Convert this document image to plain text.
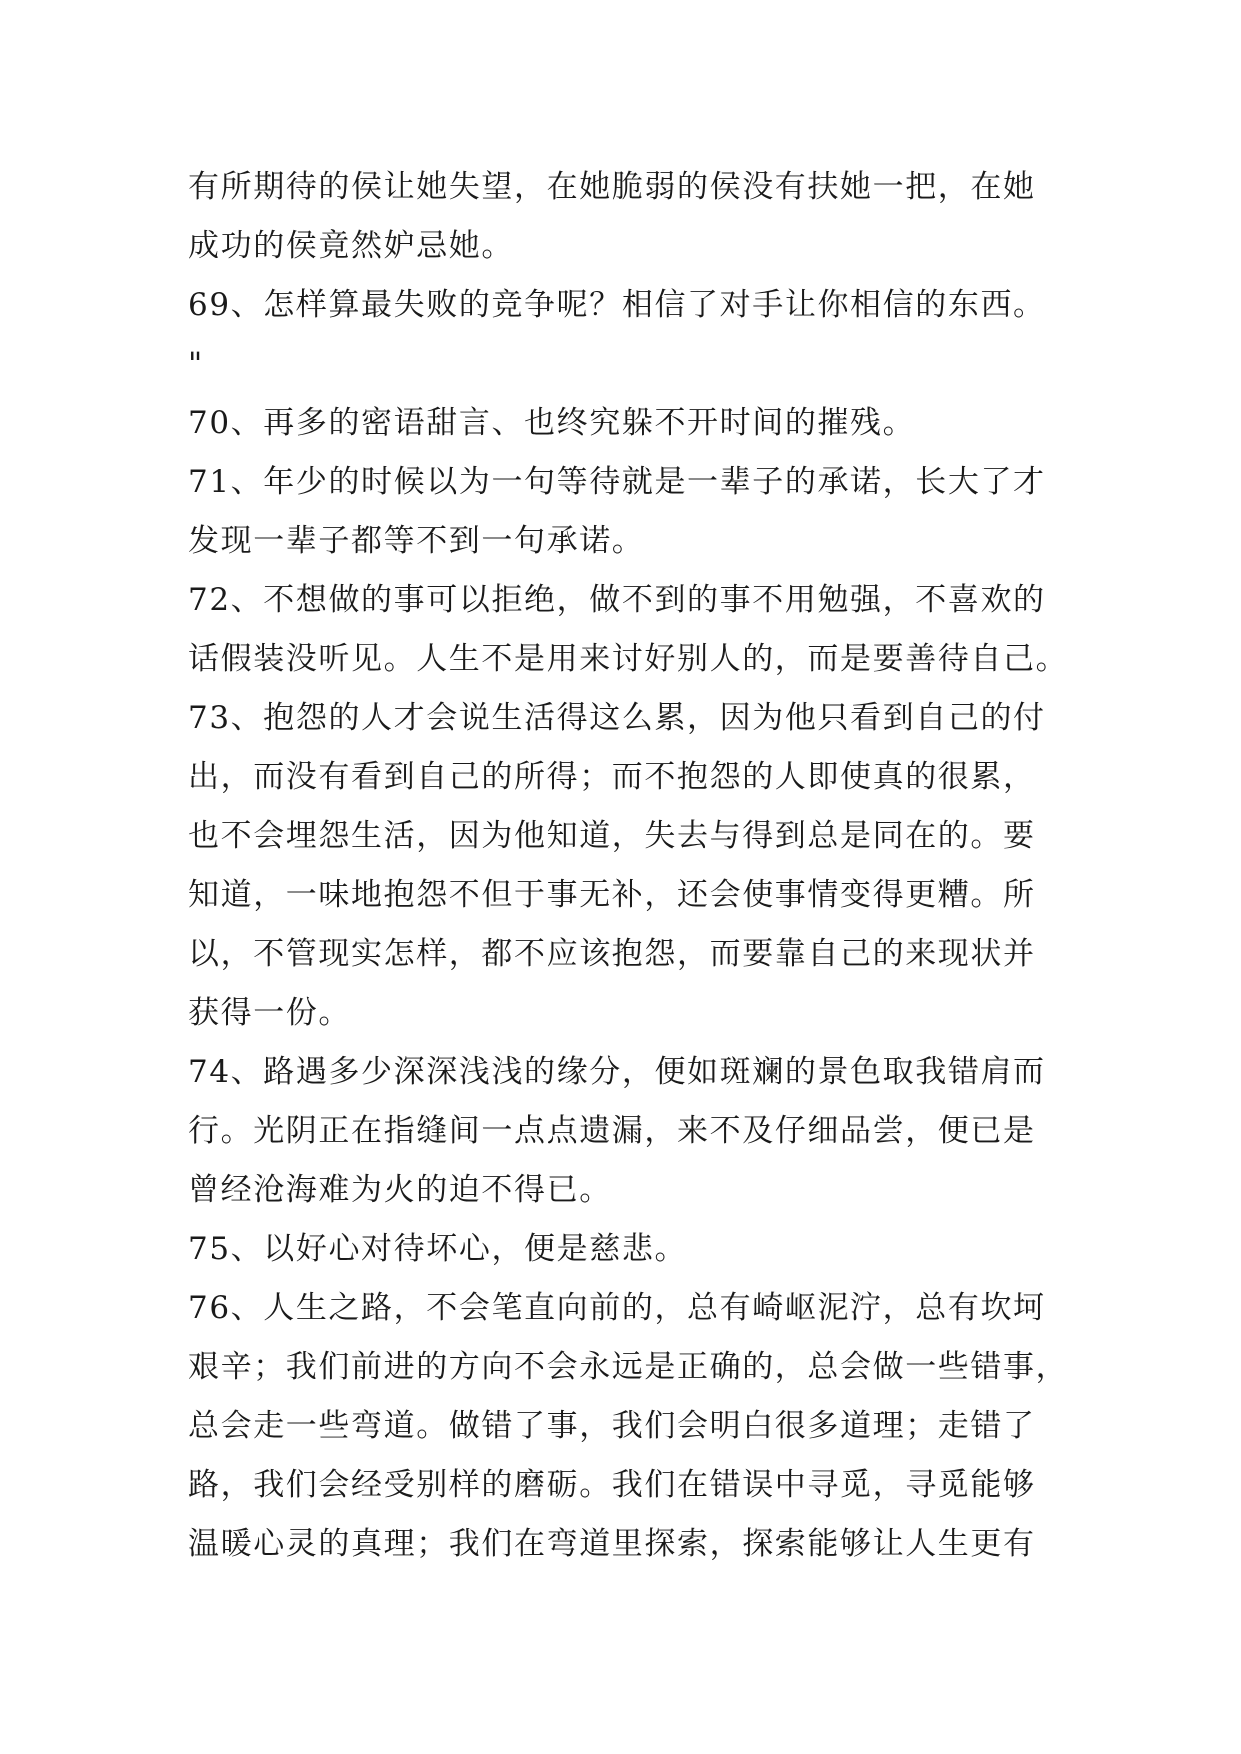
有所期待的侯让她失望，在她脆弱的侯没有扶她一把，在她
成功的侯竟然妒忌她。
69、怎样算最失败的竞争呢？相信了对手让你相信的东西。
"
70、再多的密语甜言、也终究躲不开时间的摧残。
71、年少的时候以为一句等待就是一辈子的承诺，长大了才
发现一辈子都等不到一句承诺。
72、不想做的事可以拒绝，做不到的事不用勉强，不喜欢的
话假装没听见。人生不是用来讨好别人的，而是要善待自己。
73、抱怨的人才会说生活得这么累，因为他只看到自己的付
出，而没有看到自己的所得；而不抱怨的人即使真的很累，
也不会埋怨生活，因为他知道，失去与得到总是同在的。要
知道，一味地抱怨不但于事无补，还会使事情变得更糟。所
以，不管现实怎样，都不应该抱怨，而要靠自己的来现状并
获得一份。
74、路遇多少深深浅浅的缘分，便如斑斓的景色取我错肩而
行。光阴正在指缝间一点点遗漏，来不及仔细品尝，便已是
曾经沧海难为火的迫不得已。
75、以好心对待坏心，便是慈悲。
76、人生之路，不会笔直向前的，总有崎岖泥泞，总有坎坷
艰辛；我们前进的方向不会永远是正确的，总会做一些错事，
总会走一些弯道。做错了事，我们会明白很多道理；走错了
路，我们会经受别样的磨砺。我们在错误中寻觅，寻觅能够
温暖心灵的真理；我们在弯道里探索，探索能够让人生更有
